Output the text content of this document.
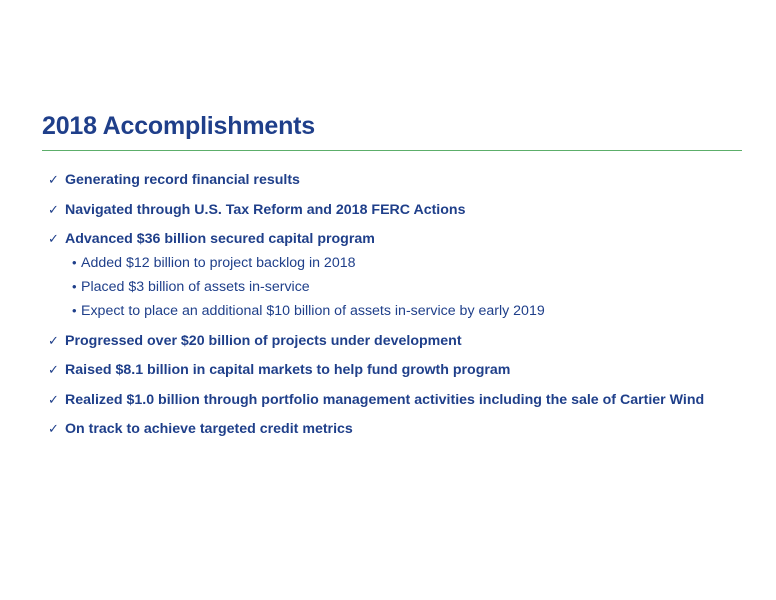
2018 Accomplishments
✓ Generating record financial results
✓ Navigated through U.S. Tax Reform and 2018 FERC Actions
✓ Advanced $36 billion secured capital program
• Added $12 billion to project backlog in 2018
• Placed $3 billion of assets in-service
• Expect to place an additional $10 billion of assets in-service by early 2019
✓ Progressed over $20 billion of projects under development
✓ Raised $8.1 billion in capital markets to help fund growth program
✓ Realized $1.0 billion through portfolio management activities including the sale of Cartier Wind
✓ On track to achieve targeted credit metrics
